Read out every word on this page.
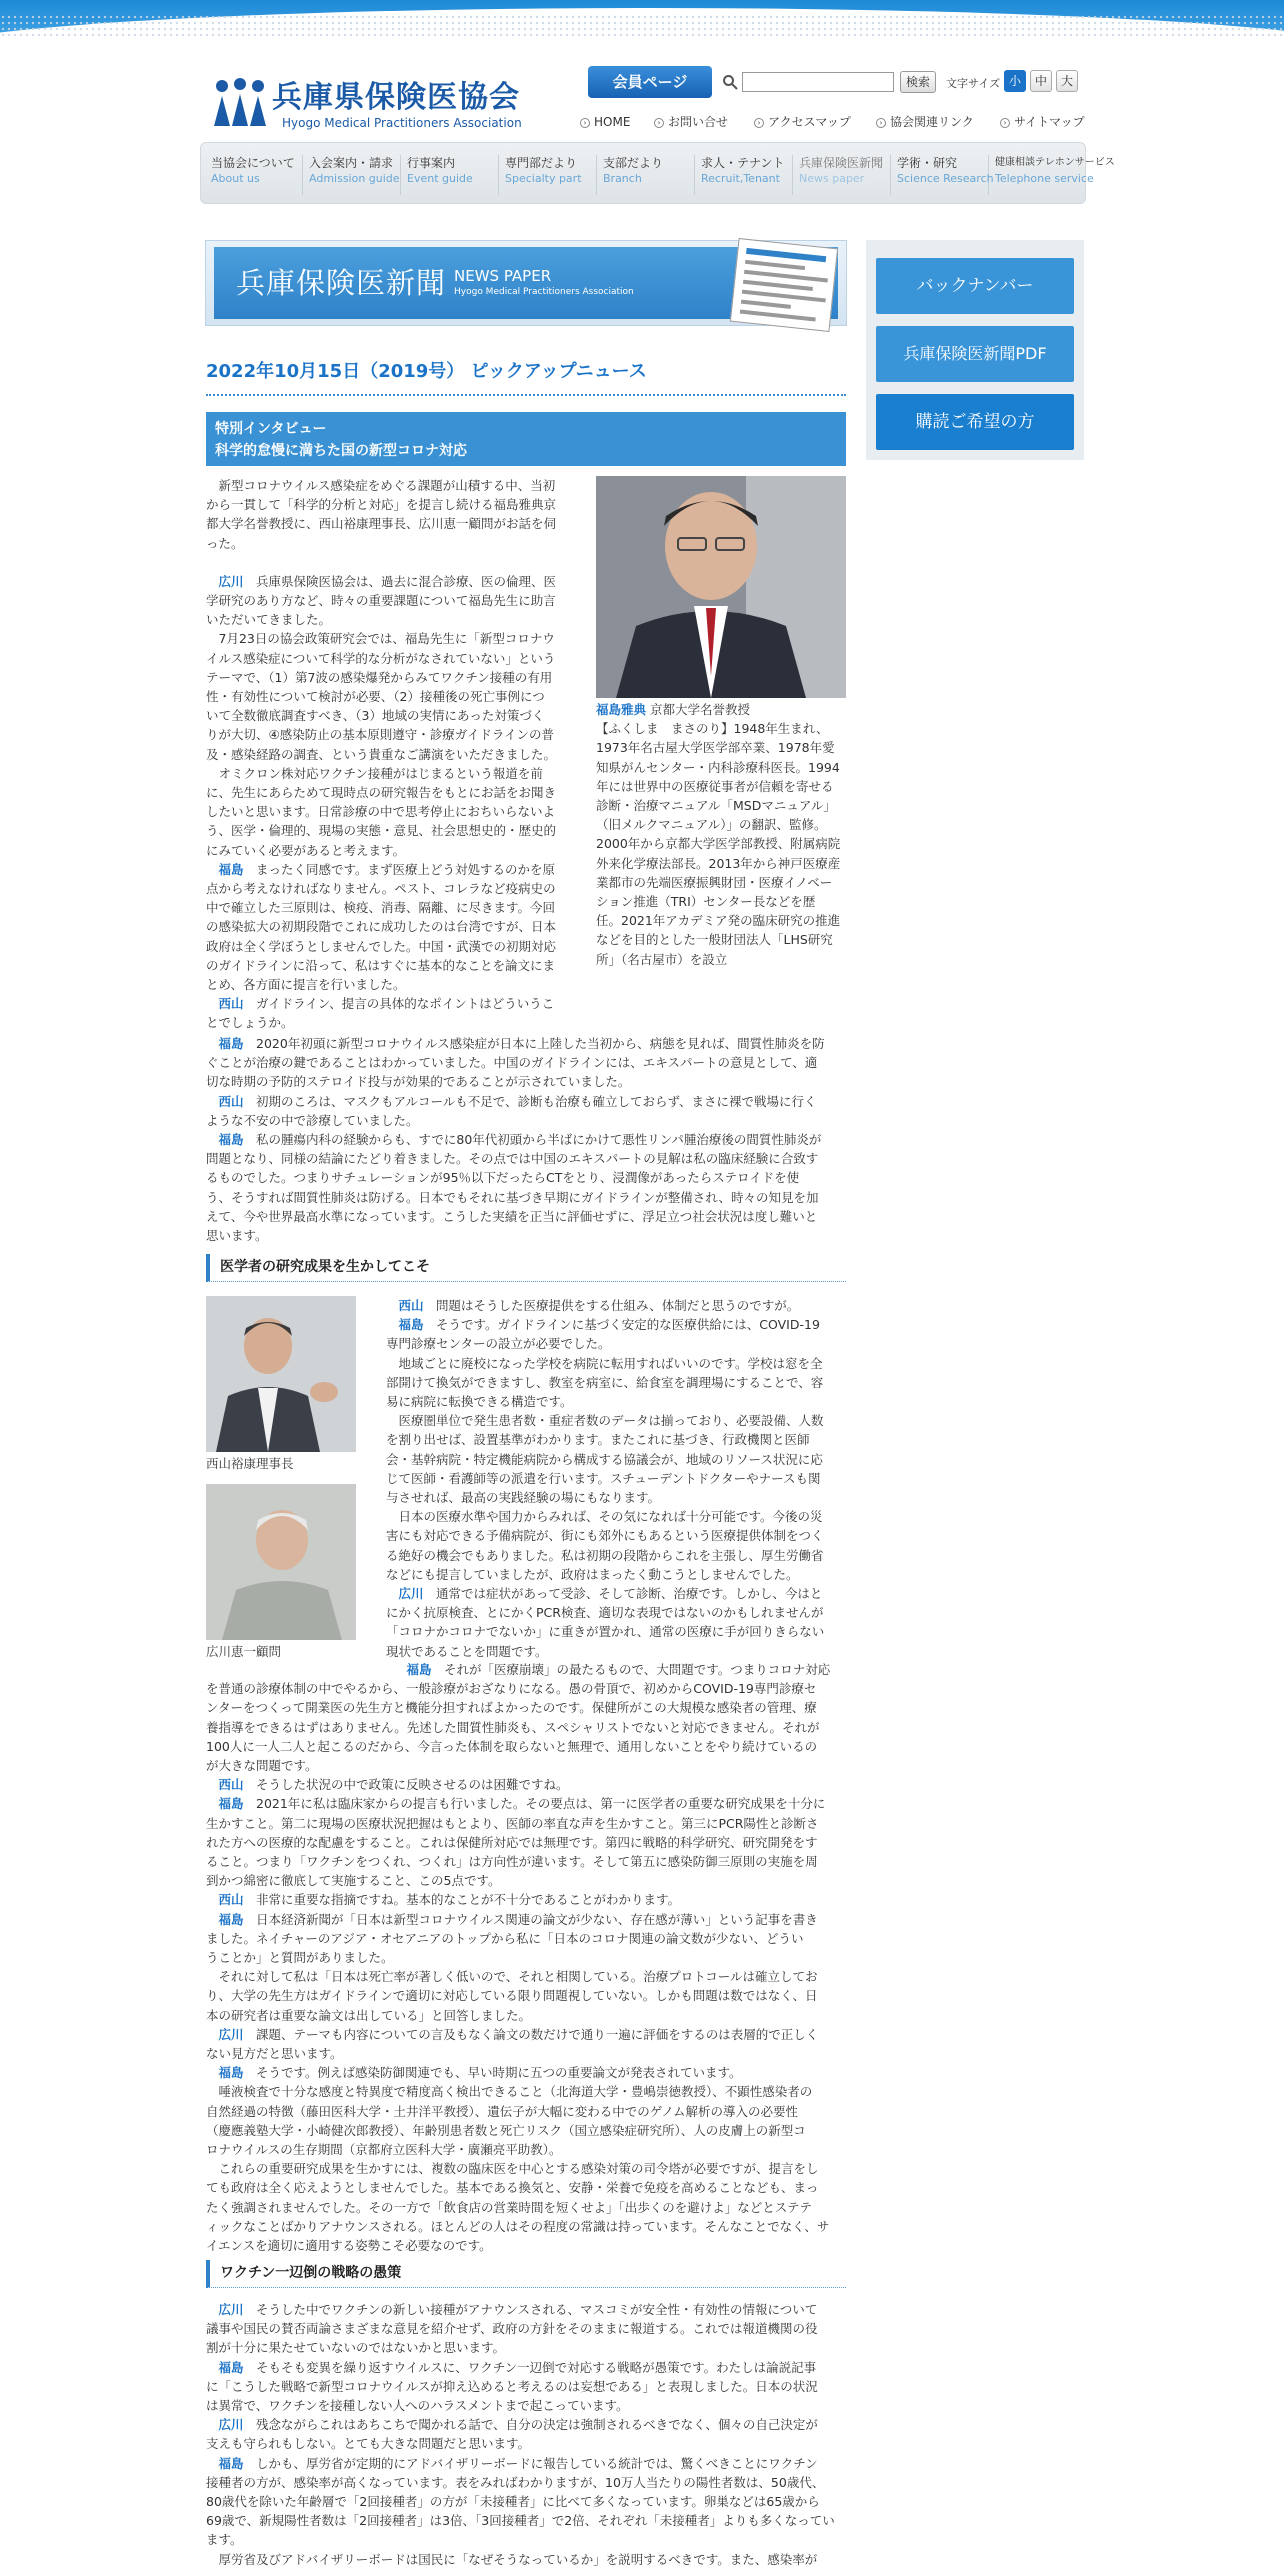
兵庫県保険医協会
Hyogo Medical Practitioners Association
会員ページ	検索	文字サイズ 小	中	大
› HOME	› お問い合せ	› アクセスマップ	› 協会関連リンク	› サイトマップ
当協会について
About us
入会案内・請求
Admission guide
行事案内
Event guide
専門部だより
Specialty part
支部だより
Branch
求人・テナント
Recruit,Tenant
兵庫保険医新聞
News paper
学術・研究
Science Research
健康相談テレホンサービス
Telephone service
兵庫保険医新聞 NEWS PAPER
Hyogo Medical Practitioners Association	バックナンバー
兵庫保険医新聞PDF
購読ご希望の方
2022年10月15日（2019号） ピックアップニュース
特別インタビュー
科学的怠慢に満ちた国の新型コロナ対応
福島雅典 京都大学名誉教授
【ふくしま　まさのり】1948年生まれ、
1973年名古屋大学医学部卒業、1978年愛
知県がんセンター・内科診療科医長。1994
年には世界中の医療従事者が信頼を寄せる
診断・治療マニュアル「MSDマニュアル」
（旧メルクマニュアル）」の翻訳、監修。
2000年から京都大学医学部教授、附属病院
外来化学療法部長。2013年から神戸医療産
業都市の先端医療振興財団・医療イノベー
ション推進（TRI）センター長などを歴
任。2021年アカデミア発の臨床研究の推進
などを目的とした一般財団法人「LHS研究
所」（名古屋市）を設立

　新型コロナウイルス感染症をめぐる課題が山積する中、当初

から一貫して「科学的分析と対応」を提言し続ける福島雅典京

都大学名誉教授に、西山裕康理事長、広川恵一顧問がお話を伺

った。

　広川　兵庫県保険医協会は、過去に混合診療、医の倫理、医

学研究のあり方など、時々の重要課題について福島先生に助言

いただいてきました。

　7月23日の協会政策研究会では、福島先生に「新型コロナウ

イルス感染症について科学的な分析がなされていない」という

テーマで、（1）第7波の感染爆発からみてワクチン接種の有用

性・有効性について検討が必要、（2）接種後の死亡事例につ

いて全数徹底調査すべき、（3）地域の実情にあった対策づく

りが大切、④感染防止の基本原則遵守・診療ガイドラインの普

及・感染経路の調査、という貴重なご講演をいただきました。

　オミクロン株対応ワクチン接種がはじまるという報道を前

に、先生にあらためて現時点の研究報告をもとにお話をお聞き

したいと思います。日常診療の中で思考停止におちいらないよ

う、医学・倫理的、現場の実態・意見、社会思想史的・歴史的

にみていく必要があると考えます。

　福島　まったく同感です。まず医療上どう対処するのかを原

点から考えなければなりません。ペスト、コレラなど疫病史の

中で確立した三原則は、検疫、消毒、隔離、に尽きます。今回

の感染拡大の初期段階でこれに成功したのは台湾ですが、日本

政府は全く学ぼうとしませんでした。中国・武漢での初期対応

のガイドラインに沿って、私はすぐに基本的なことを論文にま

とめ、各方面に提言を行いました。

　西山　ガイドライン、提言の具体的なポイントはどういうこ

とでしょうか。

　福島　2020年初頭に新型コロナウイルス感染症が日本に上陸した当初から、病態を見れば、間質性肺炎を防

ぐことが治療の鍵であることはわかっていました。中国のガイドラインには、エキスパートの意見として、適

切な時期の予防的ステロイド投与が効果的であることが示されていました。

　西山　初期のころは、マスクもアルコールも不足で、診断も治療も確立しておらず、まさに裸で戦場に行く

ような不安の中で診療していました。

　福島　私の腫瘍内科の経験からも、すでに80年代初頭から半ばにかけて悪性リンパ腫治療後の間質性肺炎が

問題となり、同様の結論にたどり着きました。その点では中国のエキスパートの見解は私の臨床経験に合致す

るものでした。つまりサチュレーションが95％以下だったらCTをとり、浸潤像があったらステロイドを使

う、そうすれば間質性肺炎は防げる。日本でもそれに基づき早期にガイドラインが整備され、時々の知見を加

えて、今や世界最高水準になっています。こうした実績を正当に評価せずに、浮足立つ社会状況は度し難いと

思います。

医学者の研究成果を生かしてこそ
西山裕康理事長
広川恵一顧問

　西山　問題はそうした医療提供をする仕組み、体制だと思うのですが。

　福島　そうです。ガイドラインに基づく安定的な医療供給には、COVID-19

専門診療センターの設立が必要でした。

　地域ごとに廃校になった学校を病院に転用すればいいのです。学校は窓を全

部開けて換気ができますし、教室を病室に、給食室を調理場にすることで、容

易に病院に転換できる構造です。

　医療圏単位で発生患者数・重症者数のデータは揃っており、必要設備、人数

を割り出せば、設置基準がわかります。またこれに基づき、行政機関と医師

会・基幹病院・特定機能病院から構成する協議会が、地域のリソース状況に応

じて医師・看護師等の派遣を行います。スチューデントドクターやナースも関

与させれば、最高の実践経験の場にもなります。

　日本の医療水準や国力からみれば、その気になれば十分可能です。今後の災

害にも対応できる予備病院が、街にも郊外にもあるという医療提供体制をつく

る絶好の機会でもありました。私は初期の段階からこれを主張し、厚生労働省

などにも提言していましたが、政府はまったく動こうとしませんでした。

　広川　通常では症状があって受診、そして診断、治療です。しかし、今はと

にかく抗原検査、とにかくPCR検査、適切な表現ではないのかもしれませんが

「コロナかコロナでないか」に重きが置かれ、通常の医療に手が回りきらない

現状であることを問題です。

　福島　それが「医療崩壊」の最たるもので、大問題です。つまりコロナ対応

を普通の診療体制の中でやるから、一般診療がおざなりになる。愚の骨頂で、初めからCOVID-19専門診療セ

ンターをつくって開業医の先生方と機能分担すればよかったのです。保健所がこの大規模な感染者の管理、療

養指導をできるはずはありません。先述した間質性肺炎も、スペシャリストでないと対応できません。それが

100人に一人二人と起こるのだから、今言った体制を取らないと無理で、通用しないことをやり続けているの

が大きな問題です。

　西山　そうした状況の中で政策に反映させるのは困難ですね。

　福島　2021年に私は臨床家からの提言も行いました。その要点は、第一に医学者の重要な研究成果を十分に

生かすこと。第二に現場の医療状況把握はもとより、医師の率直な声を生かすこと。第三にPCR陽性と診断さ

れた方への医療的な配慮をすること。これは保健所対応では無理です。第四に戦略的科学研究、研究開発をす

ること。つまり「ワクチンをつくれ、つくれ」は方向性が違います。そして第五に感染防御三原則の実施を周

到かつ綿密に徹底して実施すること、この5点です。

　西山　非常に重要な指摘ですね。基本的なことが不十分であることがわかります。

　福島　日本経済新聞が「日本は新型コロナウイルス関連の論文が少ない、存在感が薄い」という記事を書き

ました。ネイチャーのアジア・オセアニアのトップから私に「日本のコロナ関連の論文数が少ない、どうい

うことか」と質問がありました。

　それに対して私は「日本は死亡率が著しく低いので、それと相関している。治療プロトコールは確立してお

り、大学の先生方はガイドラインで適切に対応している限り問題視していない。しかも問題は数ではなく、日

本の研究者は重要な論文は出している」と回答しました。

　広川　課題、テーマも内容についての言及もなく論文の数だけで通り一遍に評価をするのは表層的で正しく

ない見方だと思います。

　福島　そうです。例えば感染防御関連でも、早い時期に五つの重要論文が発表されています。

　唾液検査で十分な感度と特異度で精度高く検出できること（北海道大学・豊嶋崇徳教授）、不顕性感染者の

自然経過の特徴（藤田医科大学・土井洋平教授）、遺伝子が大幅に変わる中でのゲノム解析の導入の必要性

（慶應義塾大学・小崎健次郎教授）、年齢別患者数と死亡リスク（国立感染症研究所）、人の皮膚上の新型コ

ロナウイルスの生存期間（京都府立医科大学・廣瀬亮平助教）。

　これらの重要研究成果を生かすには、複数の臨床医を中心とする感染対策の司令塔が必要ですが、提言をし

ても政府は全く応えようとしませんでした。基本である換気と、安静・栄養で免疫を高めることなども、まっ

たく強調されませんでした。その一方で「飲食店の営業時間を短くせよ」「出歩くのを避けよ」などとステテ

ィックなことばかりアナウンスされる。ほとんどの人はその程度の常識は持っています。そんなことでなく、サ

イエンスを適切に適用する姿勢こそ必要なのです。

ワクチン一辺倒の戦略の愚策

　広川　そうした中でワクチンの新しい接種がアナウンスされる、マスコミが安全性・有効性の情報について

議事や国民の賛否両論さまざまな意見を紹介せず、政府の方針をそのままに報道する。これでは報道機関の役

割が十分に果たせていないのではないかと思います。

　福島　そもそも変異を繰り返すウイルスに、ワクチン一辺倒で対応する戦略が愚策です。わたしは論説記事

に「こうした戦略で新型コロナウイルスが抑え込めると考えるのは妄想である」と表現しました。日本の状況

は異常で、ワクチンを接種しない人へのハラスメントまで起こっています。

　広川　残念ながらこれはあちこちで聞かれる話で、自分の決定は強制されるべきでなく、個々の自己決定が

支えも守られもしない。とても大きな問題だと思います。

　福島　しかも、厚労省が定期的にアドバイザリーボードに報告している統計では、驚くべきことにワクチン

接種者の方が、感染率が高くなっています。表をみればわかりますが、10万人当たりの陽性者数は、50歳代、

80歳代を除いた年齢層で「2回接種者」の方が「未接種者」に比べて多くなっています。卵巣などは65歳から

69歳で、新規陽性者数は「2回接種者」は3倍、「3回接種者」で2倍、それぞれ「未接種者」よりも多くなってい

ます。

　厚労省及びアドバイザリーボードは国民に「なぜそうなっているか」を説明するべきです。また、感染率が
